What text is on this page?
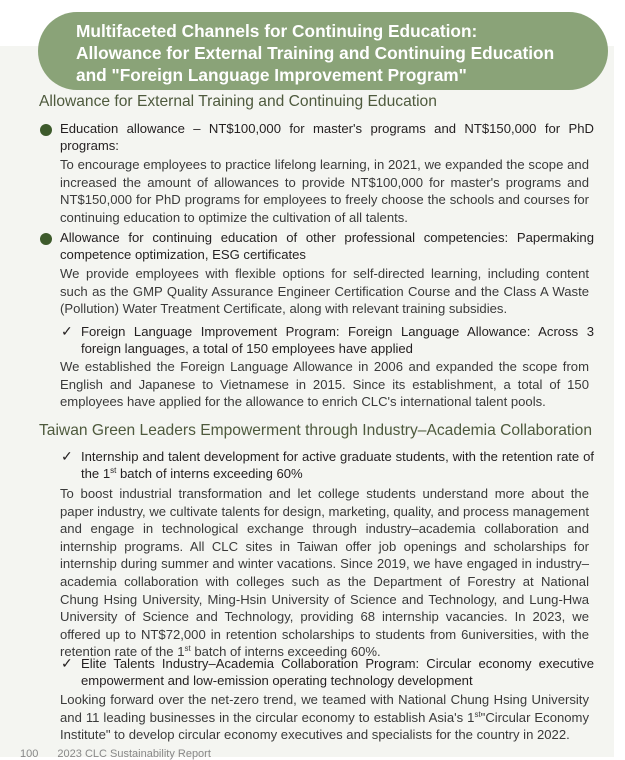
Multifaceted Channels for Continuing Education:
Allowance for External Training and Continuing Education
and "Foreign Language Improvement Program"
Allowance for External Training and Continuing Education
Education allowance – NT$100,000 for master's programs and NT$150,000 for PhD programs:
To encourage employees to practice lifelong learning, in 2021, we expanded the scope and increased the amount of allowances to provide NT$100,000 for master's programs and NT$150,000 for PhD programs for employees to freely choose the schools and courses for continuing education to optimize the cultivation of all talents.
Allowance for continuing education of other professional competencies: Papermaking competence optimization, ESG certificates
We provide employees with flexible options for self-directed learning, including content such as the GMP Quality Assurance Engineer Certification Course and the Class A Waste (Pollution) Water Treatment Certificate, along with relevant training subsidies.
✓ Foreign Language Improvement Program: Foreign Language Allowance: Across 3 foreign languages, a total of 150 employees have applied
We established the Foreign Language Allowance in 2006 and expanded the scope from English and Japanese to Vietnamese in 2015. Since its establishment, a total of 150 employees have applied for the allowance to enrich CLC's international talent pools.
Taiwan Green Leaders Empowerment through Industry–Academia Collaboration
✓ Internship and talent development for active graduate students, with the retention rate of the 1st batch of interns exceeding 60%
To boost industrial transformation and let college students understand more about the paper industry, we cultivate talents for design, marketing, quality, and process management and engage in technological exchange through industry–academia collaboration and internship programs. All CLC sites in Taiwan offer job openings and scholarships for internship during summer and winter vacations. Since 2019, we have engaged in industry–academia collaboration with colleges such as the Department of Forestry at National Chung Hsing University, Ming-Hsin University of Science and Technology, and Lung-Hwa University of Science and Technology, providing 68 internship vacancies. In 2023, we offered up to NT$72,000 in retention scholarships to students from 6universities, with the retention rate of the 1st batch of interns exceeding 60%.
✓ Elite Talents Industry–Academia Collaboration Program: Circular economy executive empowerment and low-emission operating technology development
Looking forward over the net-zero trend, we teamed with National Chung Hsing University and 11 leading businesses in the circular economy to establish Asia's 1st"Circular Economy Institute" to develop circular economy executives and specialists for the country in 2022.
100 2023 CLC Sustainability Report
